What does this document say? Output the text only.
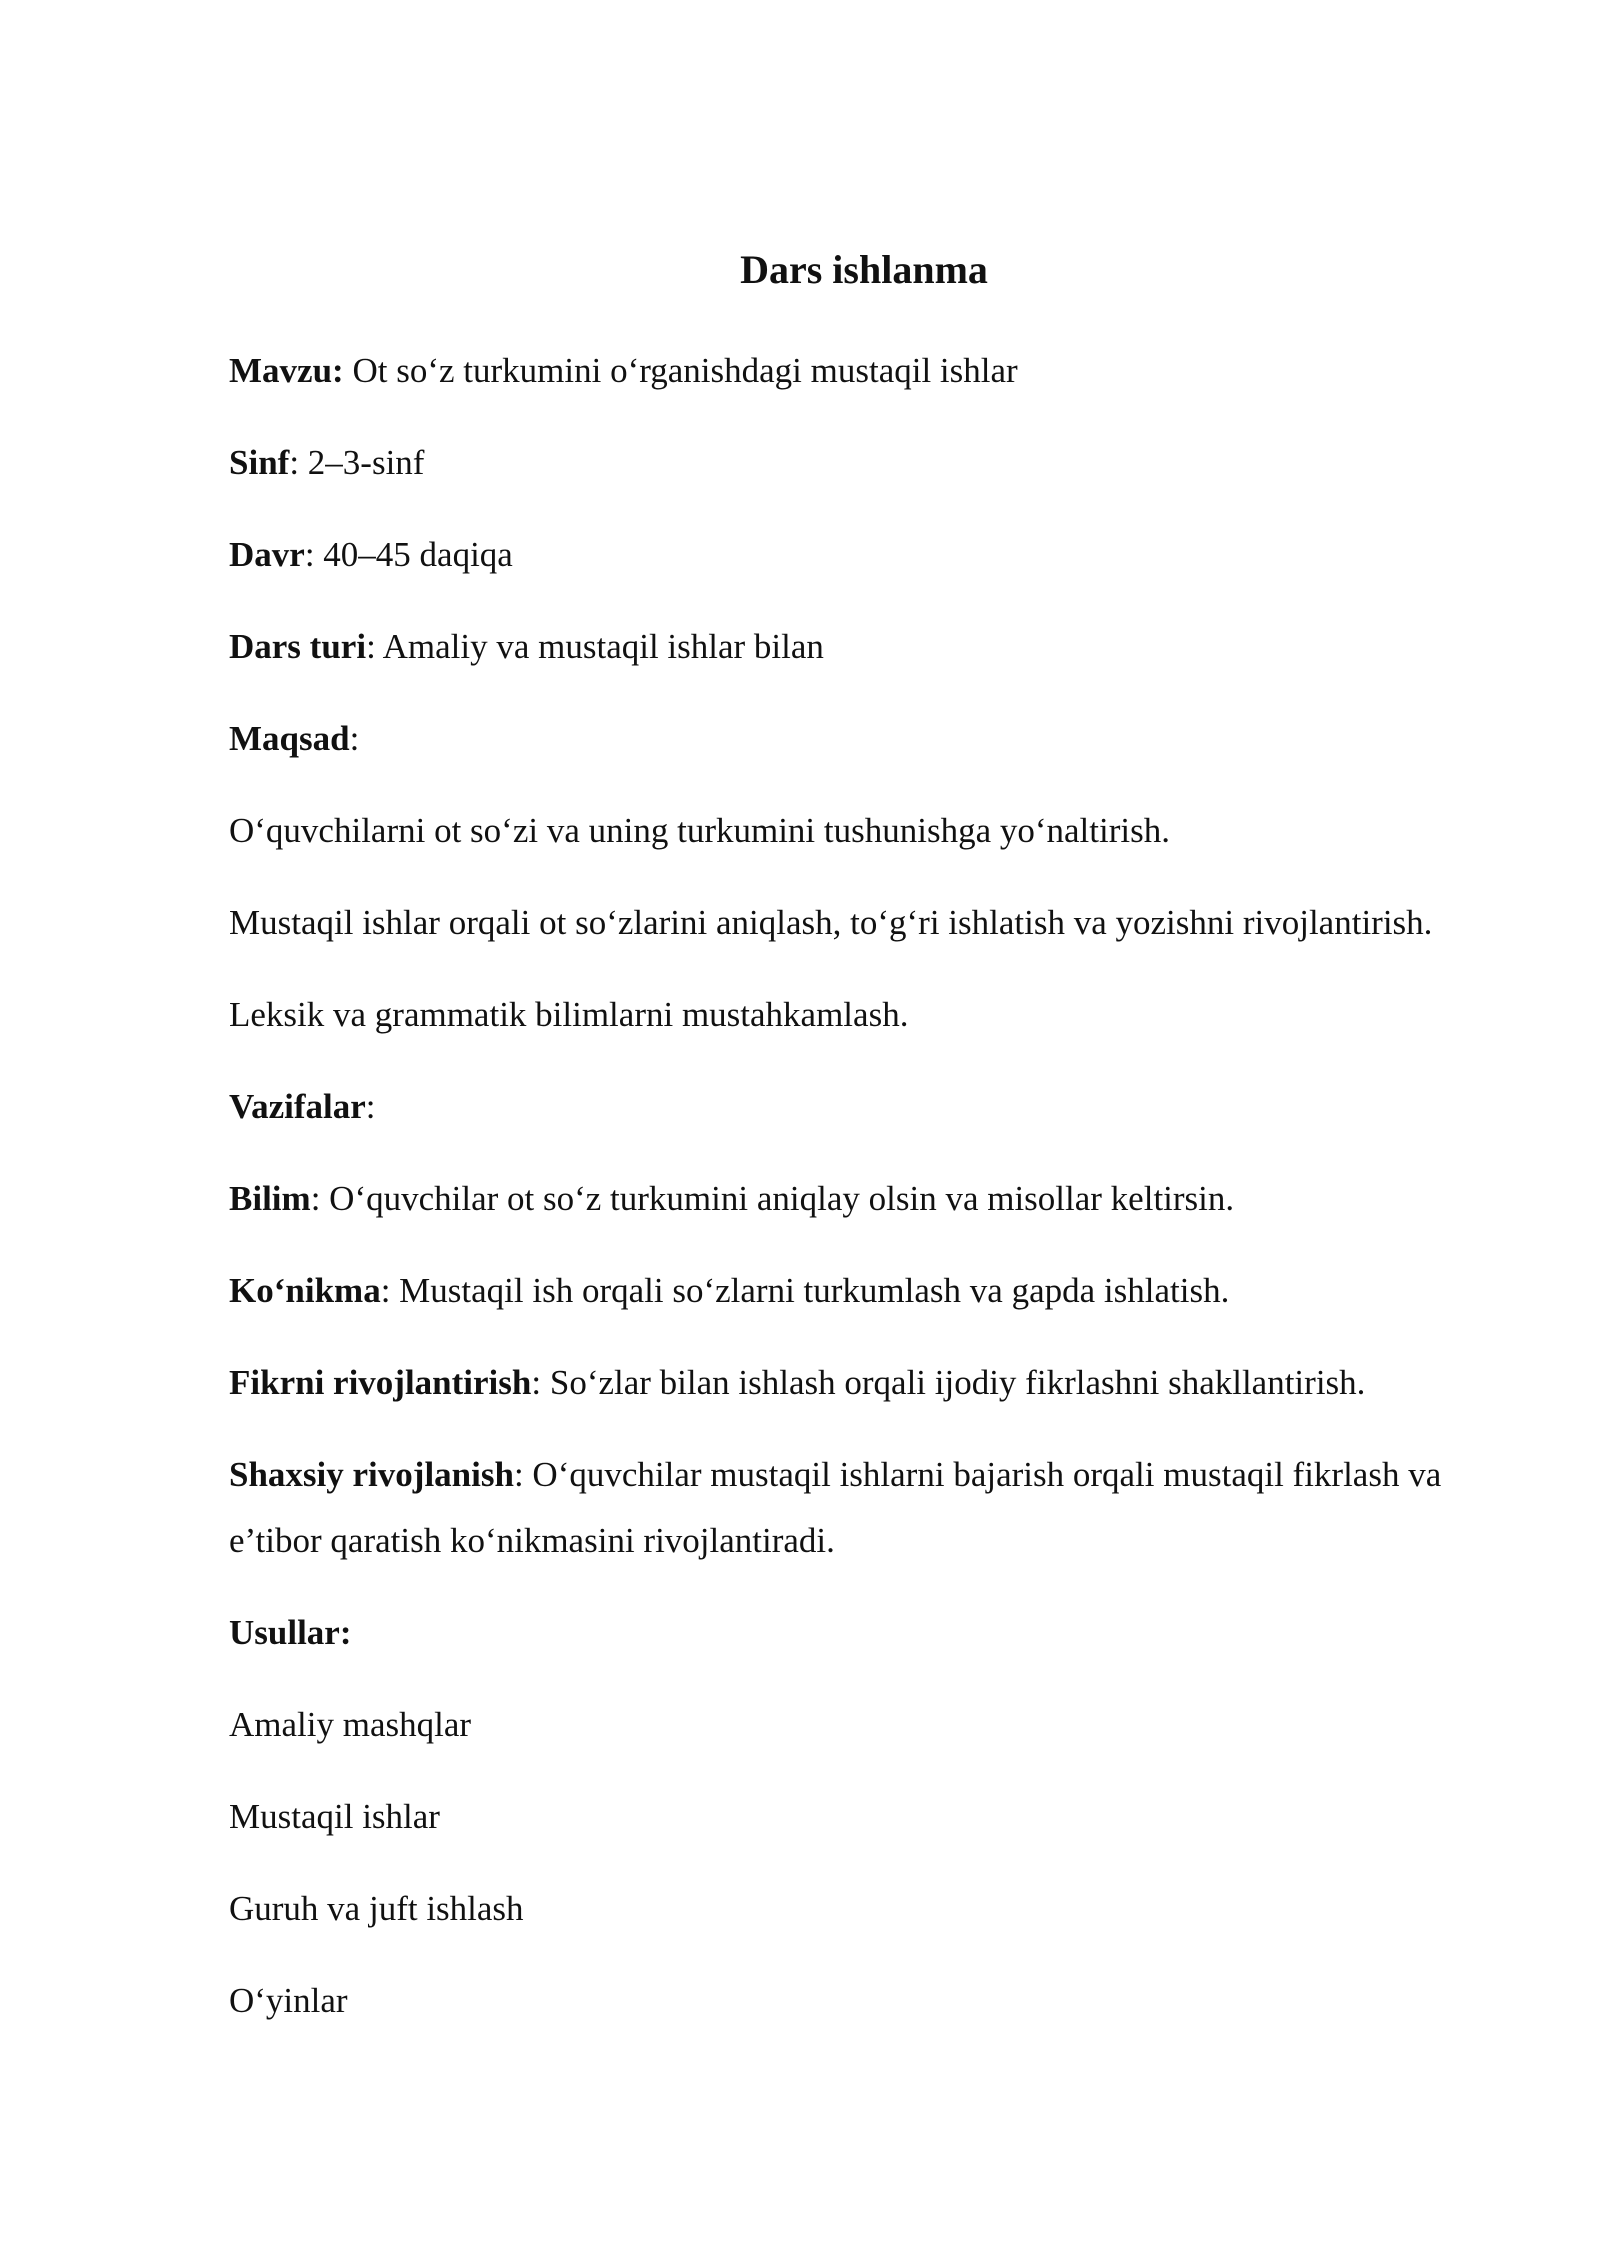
Dars ishlanma

Mavzu: Ot so‘z turkumini o‘rganishdagi mustaqil ishlar

Sinf: 2–3-sinf

Davr: 40–45 daqiqa

Dars turi: Amaliy va mustaqil ishlar bilan

Maqsad:

O‘quvchilarni ot so‘zi va uning turkumini tushunishga yo‘naltirish.

Mustaqil ishlar orqali ot so‘zlarini aniqlash, to‘g‘ri ishlatish va yozishni rivojlantirish.

Leksik va grammatik bilimlarni mustahkamlash.

Vazifalar:

Bilim: O‘quvchilar ot so‘z turkumini aniqlay olsin va misollar keltirsin.

Ko‘nikma: Mustaqil ish orqali so‘zlarni turkumlash va gapda ishlatish.

Fikrni rivojlantirish: So‘zlar bilan ishlash orqali ijodiy fikrlashni shakllantirish.

Shaxsiy rivojlanish: O‘quvchilar mustaqil ishlarni bajarish orqali mustaqil fikrlash va e’tibor qaratish ko‘nikmasini rivojlantiradi.

Usullar:

Amaliy mashqlar

Mustaqil ishlar

Guruh va juft ishlash

O‘yinlar
